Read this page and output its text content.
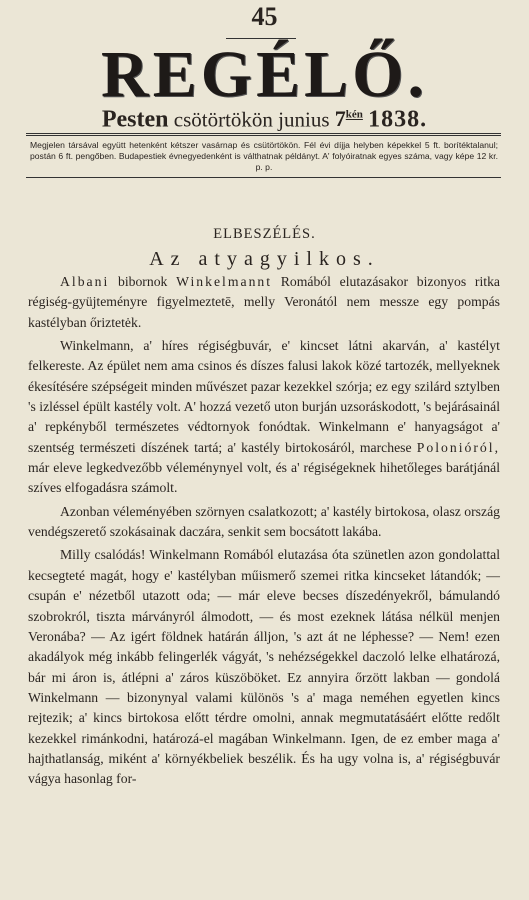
45
REGÉLŐ.
Pesten csötörtökön junius $7^{kén}$ 1838.
Megjelen társával együtt hetenként kétszer vasárnap és csütörtökön. Fél évi díjja helyben képekkel 5 ft. borítéktalanul; postán 6 ft. pengőben. Budapestiek évnegyedenként is válthatnak példányt. A' folyóiratnak egyes száma, vagy képe 12 kr. p. p.
ELBESZÉLÉS.
Az atyagyilkos.

Albani bibornok Winkelmannt Romából elutazásakor bizonyos ritka régiség-gyüjteményre figyelmeztetē, melly Veronától nem messze egy pompás kastélyban őriztetėk.

Winkelmann, a' híres régiségbuvár, e' kincset látni akarván, a' kastélyt felkereste. Az épület nem ama csinos és díszes falusi lakok közé tartozék, mellyeknek ékesítésére szépségeit minden művészet pazar kezekkel szórja; ez egy szilárd sztylben 's izléssel épült kastély volt. A' hozzá vezető uton burján uzsoráskodott, 's bejárásainál a' repkényből természetes védtornyok fonódtak. Winkelmann e' hanyagságot a' szentség természeti díszének tartá; a' kastély birtokosáról, marchese Polonióról, már eleve legkedvezőbb véleménynyel volt, és a' régiségeknek hihetőleges barátjánál szíves elfogadásra számolt.

Azonban véleményében szörnyen csalatkozott; a' kastély birtokosa, olasz ország vendégszerető szokásainak daczára, senkit sem bocsátott lakába.

Milly csalódás! Winkelmann Romából elutazása óta szünetlen azon gondolattal kecsegteté magát, hogy e' kastélyban műismerő szemei ritka kincseket látandók; — csupán e' nézetből utazott oda; — már eleve becses díszedényekről, bámulandó szobrokról, tiszta márványról álmodott, — és most ezeknek látása nélkül menjen Veronába? — Az igért földnek határán álljon, 's azt át ne léphesse? — Nem! ezen akadályok még inkább felingerlék vágyát, 's nehézségekkel daczoló lelke elhatározá, bár mi áron is, átlépni a' záros küszöböket. Ez annyira őrzött lakban — gondolá Winkelmann — bizonynyal valami különös 's a' maga neméhen egyetlen kincs rejtezik; a' kincs birtokosa előtt térdre omolni, annak megmutatásáért előtte redőlt kezekkel rimánkodni, határozá-el magában Winkelmann. Igen, de ez ember maga a' hajthatlanság, miként a' környékbeliek beszélik. És ha ugy volna is, a' régiségbuvár vágya hasonlag for-
